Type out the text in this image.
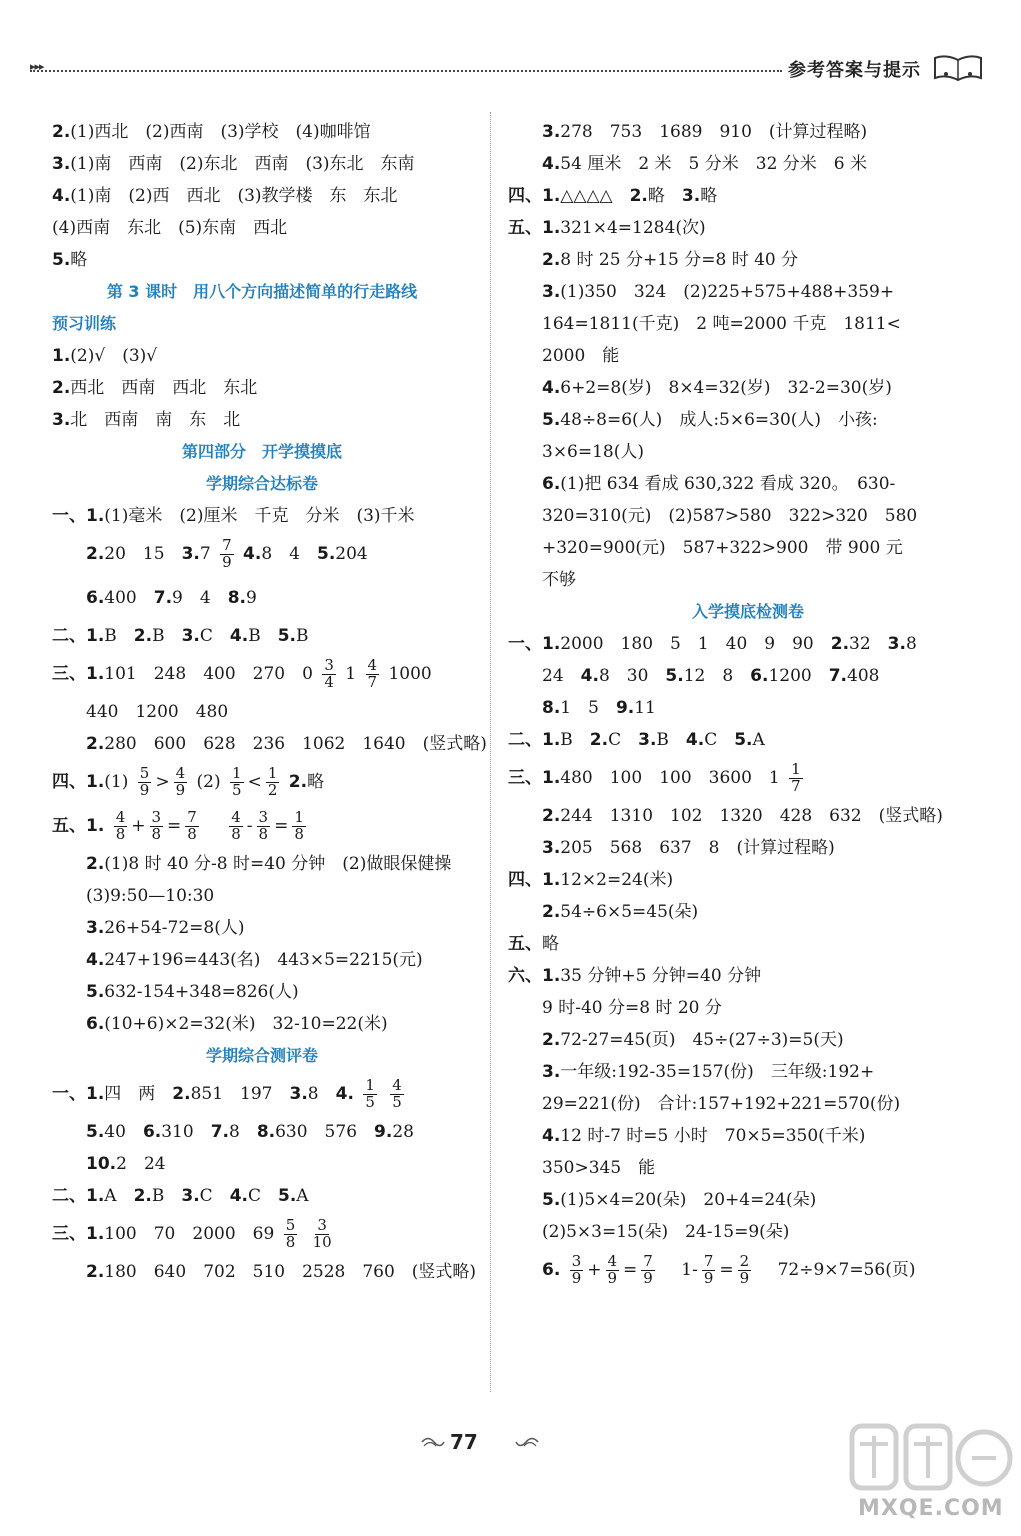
▸▸▸	参考答案与提示
2.(1)西北　(2)西南　(3)学校　(4)咖啡馆
3.(1)南　西南　(2)东北　西南　(3)东北　东南
4.(1)南　(2)西　西北　(3)教学楼　东　东北
(4)西南　东北　(5)东南　西北
5.略
第 3 课时　用八个方向描述简单的行走路线
预习训练
1.(2)√　(3)√
2.西北　西南　西北　东北
3.北　西南　南　东　北
第四部分　开学摸摸底
学期综合达标卷
一、1.(1)毫米　(2)厘米　千克　分米　(3)千米
2.20　15　 $3.7 \frac{7}{9} 4.8$　4　 5.204
6.400　 7.9　4　 8.9
二、1.B　 2.B　 3.C　 4.B　 5.B
三、1.101　248　400　270　$0 \frac{3}{4} 1 \frac{4}{7} 1000$
440　1200　480
2.280　600　628　236　1062　1640　(竖式略)
四、$1.(1) \frac{5}{9} > \frac{4}{9} (2) \frac{1}{5} < \frac{1}{2} 2$.略
五、1. $\frac{4}{8} + \frac{3}{8} = \frac{7}{8}$
　 $\frac{4}{8} - \frac{3}{8} = \frac{1}{8}$
2.(1)8 时 40 分-8 时=40 分钟　(2)做眼保健操
(3)9:50—10:30
3.26+54-72=8(人)
4.247+196=443(名)　443×5=2215(元)
5.632-154+348=826(人)
6.(10+6)×2=32(米)　32-10=22(米)
学期综合测评卷
一、1.四　两　 2.851　197　 3.8　 4. $\frac{1}{5}$
$\frac{4}{5}$
5.40　 6.310　 7.8　 8.630　576　 9.28
10.2　24
二、1.A　 2.B　 3.C　 4.C　 5.A
三、1.100　70　2000　$69 \frac{5}{8}$
$\frac{3}{10}$
2.180　640　702　510　2528　760　(竖式略)
3.278　753　1689　910　(计算过程略)
4.54 厘米　2 米　5 分米　32 分米　6 米
四、1.△△△△　 2.略　 3.略
五、1.321×4=1284(次)
2.8 时 25 分+15 分=8 时 40 分
3.(1)350　324　(2)225+575+488+359+
164=1811(千克)　2 吨=2000 千克　1811<
2000　能
4.6+2=8(岁)　8×4=32(岁)　32-2=30(岁)
5.48÷8=6(人)　成人:5×6=30(人)　小孩:
3×6=18(人)
6.(1)把 634 看成 630,322 看成 320。　630-
320=310(元)　(2)587>580　322>320　580
+320=900(元)　587+322>900　带 900 元
不够
入学摸底检测卷
一、1.2000　180　5　1　40　9　90　 2.32　 3.8
24　 4.8　30　 5.12　8　 6.1200　 7.408
8.1　5　 9.11
二、1.B　 2.C　 3.B　 4.C　 5.A
三、1.480　100　100　3600　$1 \frac{1}{7}$
2.244　1310　102　1320　428　632　(竖式略)
3.205　568　637　8　(计算过程略)
四、1.12×2=24(米)
2.54÷6×5=45(朵)
五、略
六、1.35 分钟+5 分钟=40 分钟
9 时-40 分=8 时 20 分
2.72-27=45(页)　45÷(27÷3)=5(天)
3.一年级:192-35=157(份)　三年级:192+
29=221(份)　合计:157+192+221=570(份)
4.12 时-7 时=5 小时　70×5=350(千米)
350>345　能
5.(1)5×4=20(朵)　20+4=24(朵)
(2)5×3=15(朵)　24-15=9(朵)
6. $\frac{3}{9} + \frac{4}{9} = \frac{7}{9}$
　 $1- \frac{7}{9} = \frac{2}{9}$
　 72÷9×7=56(页)
77
MXQE.COM
